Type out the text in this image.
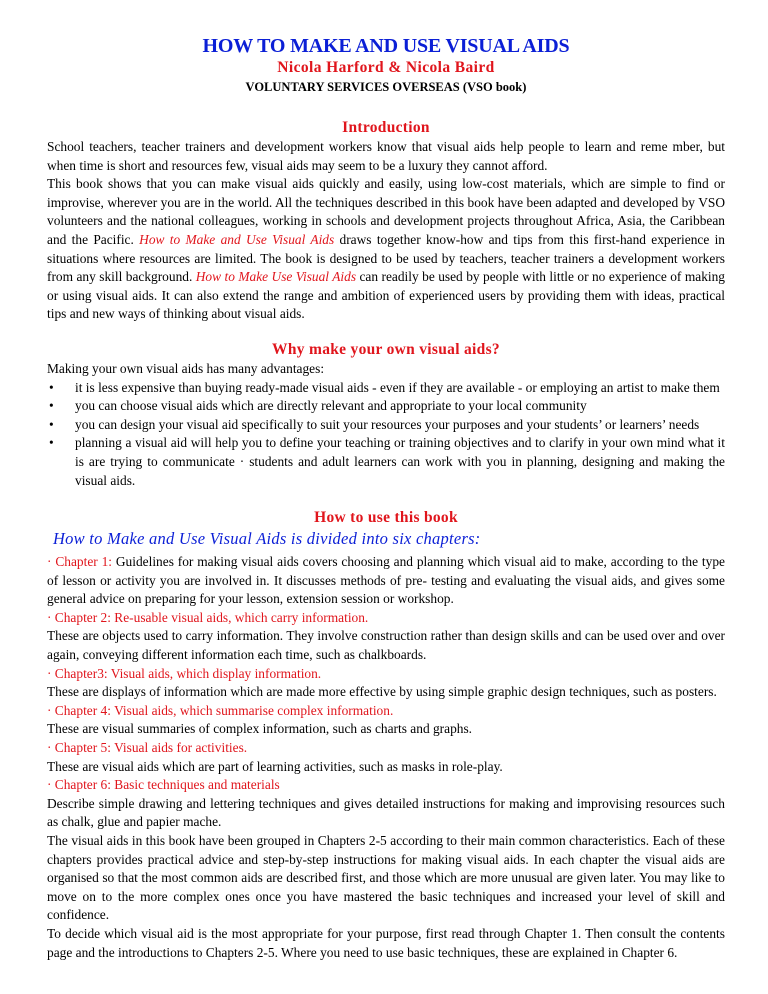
HOW TO MAKE AND USE VISUAL AIDS
Nicola Harford & Nicola Baird
VOLUNTARY SERVICES OVERSEAS (VSO book)
Introduction

School teachers, teacher trainers and development workers know that visual aids help people to learn and reme mber, but when time is short and resources few, visual aids may seem to be a luxury they cannot afford.

This book shows that you can make visual aids quickly and easily, using low-cost materials, which are simple to find or improvise, wherever you are in the world. All the techniques described in this book have been adapted and developed by VSO volunteers and the national colleagues, working in schools and development projects throughout Africa, Asia, the Caribbean and the Pacific. How to Make and Use Visual Aids draws together know-how and tips from this first-hand experience in situations where resources are limited. The book is designed to be used by teachers, teacher trainers a development workers from any skill background. How to Make Use Visual Aids can readily be used by people with little or no experience of making or using visual aids. It can also extend the range and ambition of experienced users by providing them with ideas, practical tips and new ways of thinking about visual aids.

Why make your own visual aids?

Making your own visual aids has many advantages:

• it is less expensive than buying ready-made visual aids - even if they are available - or employing an artist to make them
• you can choose visual aids which are directly relevant and appropriate to your local community
• you can design your visual aid specifically to suit your resources your purposes and your students’ or learners’ needs
• planning a visual aid will help you to define your teaching or training objectives and to clarify in your own mind what it is are trying to communicate · students and adult learners can work with you in planning, designing and making the visual aids.
How to use this book
How to Make and Use Visual Aids is divided into six chapters:

· Chapter 1: Guidelines for making visual aids covers choosing and planning which visual aid to make, according to the type of lesson or activity you are involved in. It discusses methods of pre- testing and evaluating the visual aids, and gives some general advice on preparing for your lesson, extension session or workshop.

· Chapter 2: Re-usable visual aids, which carry information.

These are objects used to carry information. They involve construction rather than design skills and can be used over and over again, conveying different information each time, such as chalkboards.

· Chapter3: Visual aids, which display information.

These are displays of information which are made more effective by using simple graphic design techniques, such as posters.

· Chapter 4: Visual aids, which summarise complex information.

These are visual summaries of complex information, such as charts and graphs.

· Chapter 5: Visual aids for activities.

These are visual aids which are part of learning activities, such as masks in role-play.

· Chapter 6: Basic techniques and materials

Describe simple drawing and lettering techniques and gives detailed instructions for making and improvising resources such as chalk, glue and papier mache.

The visual aids in this book have been grouped in Chapters 2-5 according to their main common characteristics. Each of these chapters provides practical advice and step-by-step instructions for making visual aids. In each chapter the visual aids are organised so that the most common aids are described first, and those which are more unusual are given later. You may like to move on to the more complex ones once you have mastered the basic techniques and increased your level of skill and confidence.

To decide which visual aid is the most appropriate for your purpose, first read through Chapter 1. Then consult the contents page and the introductions to Chapters 2-5. Where you need to use basic techniques, these are explained in Chapter 6.
